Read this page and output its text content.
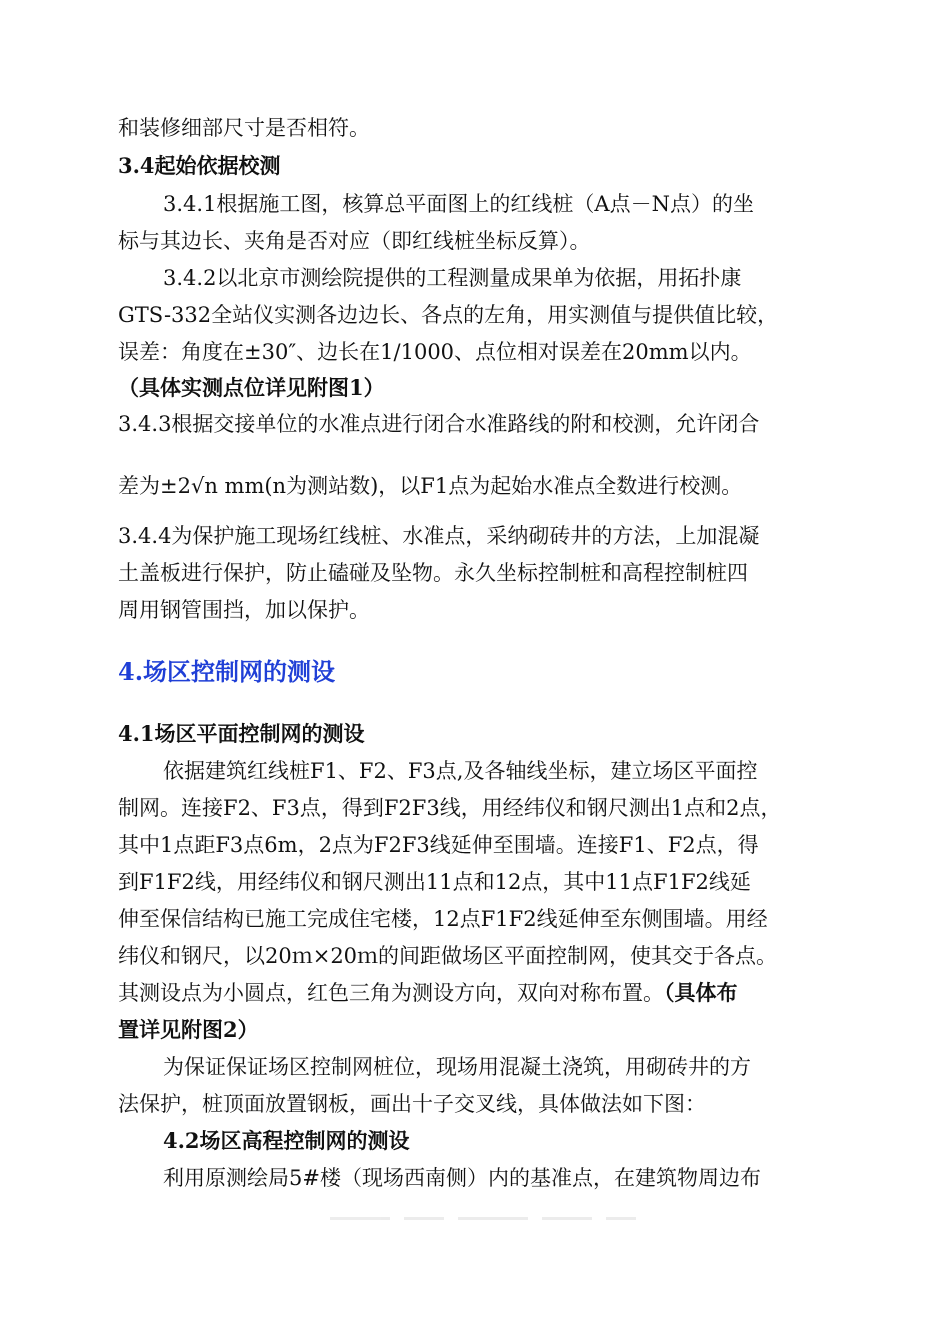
和装修细部尺寸是否相符。
3.4起始依据校测
3.4.1根据施工图，核算总平面图上的红线桩（A点－N点）的坐
标与其边长、夹角是否对应（即红线桩坐标反算）。
3.4.2以北京市测绘院提供的工程测量成果单为依据，用拓扑康
GTS-332全站仪实测各边边长、各点的左角，用实测值与提供值比较，
误差：角度在±30″、边长在1/1000、点位相对误差在20mm以内。
（具体实测点位详见附图1）
3.4.3根据交接单位的水准点进行闭合水准路线的附和校测，允许闭合
差为±2√n mm(n为测站数)，以F1点为起始水准点全数进行校测。
3.4.4为保护施工现场红线桩、水准点，采纳砌砖井的方法，上加混凝
土盖板进行保护，防止磕碰及坠物。永久坐标控制桩和高程控制桩四
周用钢管围挡，加以保护。
4.场区控制网的测设
4.1场区平面控制网的测设
依据建筑红线桩F1、F2、F3点,及各轴线坐标，建立场区平面控
制网。连接F2、F3点，得到F2F3线，用经纬仪和钢尺测出1点和2点，
其中1点距F3点6m，2点为F2F3线延伸至围墙。连接F1、F2点，得
到F1F2线，用经纬仪和钢尺测出11点和12点，其中11点F1F2线延
伸至保信结构已施工完成住宅楼，12点F1F2线延伸至东侧围墙。用经
纬仪和钢尺，以20ｍ×20ｍ的间距做场区平面控制网，使其交于各点。
其测设点为小圆点，红色三角为测设方向，双向对称布置。（具体布
置详见附图2）
为保证保证场区控制网桩位，现场用混凝土浇筑，用砌砖井的方
法保护，桩顶面放置钢板，画出十子交叉线，具体做法如下图：
4.2场区高程控制网的测设
利用原测绘局5#楼（现场西南侧）内的基准点，在建筑物周边布
